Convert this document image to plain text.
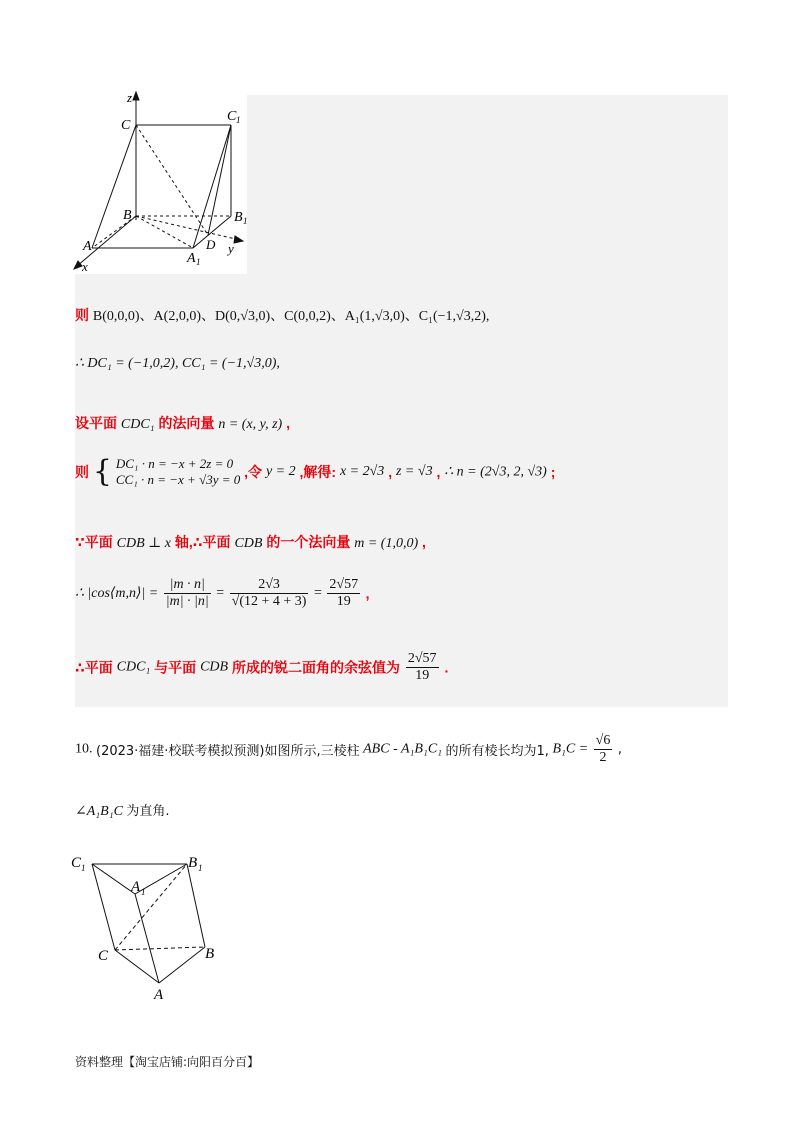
z
C
C 1
B	B 1
A
A 1
D y
x
则 B(0,0,0)、A(2,0,0)、D(0,√3,0)、C(0,0,2)、A₁(1,√3,0)、C₁(−1,√3,2),
∴ DC₁ = (−1,0,2), CC₁ = (−1,√3,0),
设平面 CDC₁ 的法向量 n = (x, y, z) ,
则 { DC₁ · n = −x + 2z = 0
CC₁ · n = −x + √3y = 0 ,令 y = 2 ,解得: x = 2√3 , z = √3 , ∴ n = (2√3, 2, √3) ;
∵平面 CDB ⊥ x 轴,∴平面 CDB 的一个法向量 m = (1,0,0) ,
∴ |cos⟨m,n⟩| = $\frac{|m \cdot n|}{|m| \cdot |n|} = \frac{2√3}{√(12 + 4 + 3)} = \frac{2√57}{19}$ ,
∴平面 CDC₁ 与平面 CDB 所成的锐二面角的余弦值为 $\frac{2√57}{19}$ .
10. (2023·福建·校联考模拟预测)如图所示,三棱柱 ABC - A₁B₁C₁ 的所有棱长均为1, $B_1C = \frac{√6}{2}$ ,
∠A₁B₁C 为直角.
C 1	B 1
A 1
C	B
A
资料整理【淘宝店铺:向阳百分百】
